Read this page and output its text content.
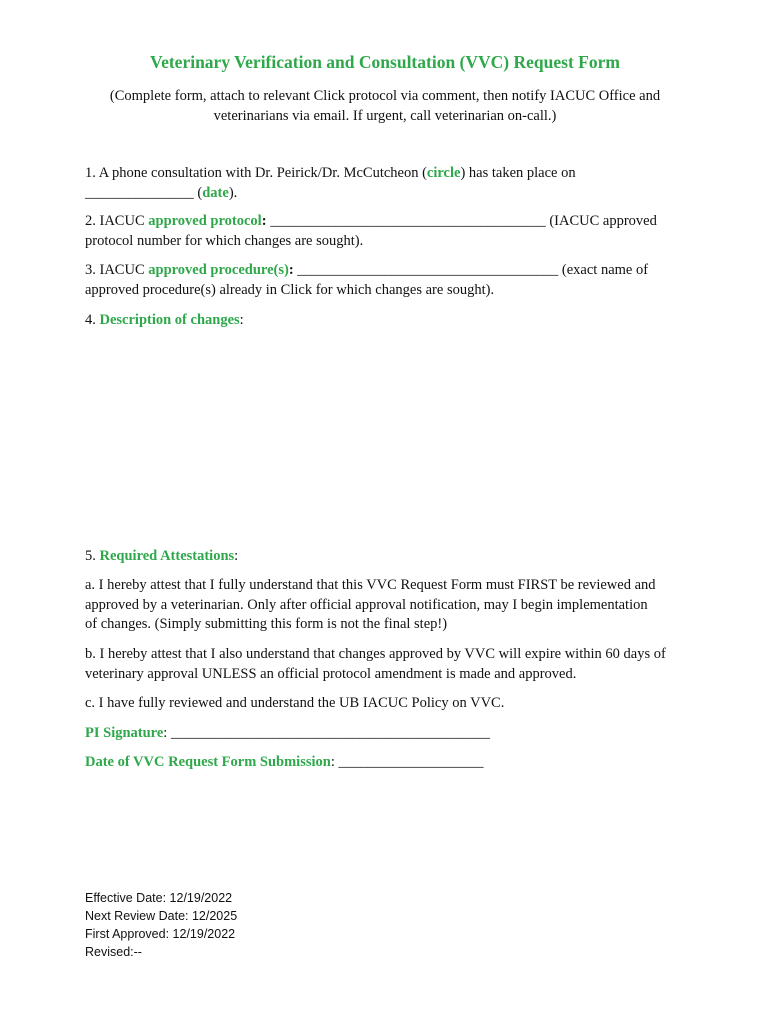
Veterinary Verification and Consultation (VVC) Request Form
(Complete form, attach to relevant Click protocol via comment, then notify IACUC Office and
veterinarians via email. If urgent, call veterinarian on-call.)
1. A phone consultation with Dr. Peirick/Dr. McCutcheon (circle) has taken place on
_______________ (date).
2. IACUC approved protocol: ______________________________________ (IACUC approved
protocol number for which changes are sought).
3. IACUC approved procedure(s): ____________________________________ (exact name of
approved procedure(s) already in Click for which changes are sought).
4. Description of changes:
5. Required Attestations:
a. I hereby attest that I fully understand that this VVC Request Form must FIRST be reviewed and
approved by a veterinarian. Only after official approval notification, may I begin implementation
of changes. (Simply submitting this form is not the final step!)
b. I hereby attest that I also understand that changes approved by VVC will expire within 60 days of
veterinary approval UNLESS an official protocol amendment is made and approved.
c. I have fully reviewed and understand the UB IACUC Policy on VVC.
PI Signature: ____________________________________________
Date of VVC Request Form Submission: ____________________
Effective Date: 12/19/2022
Next Review Date: 12/2025
First Approved: 12/19/2022
Revised:--
